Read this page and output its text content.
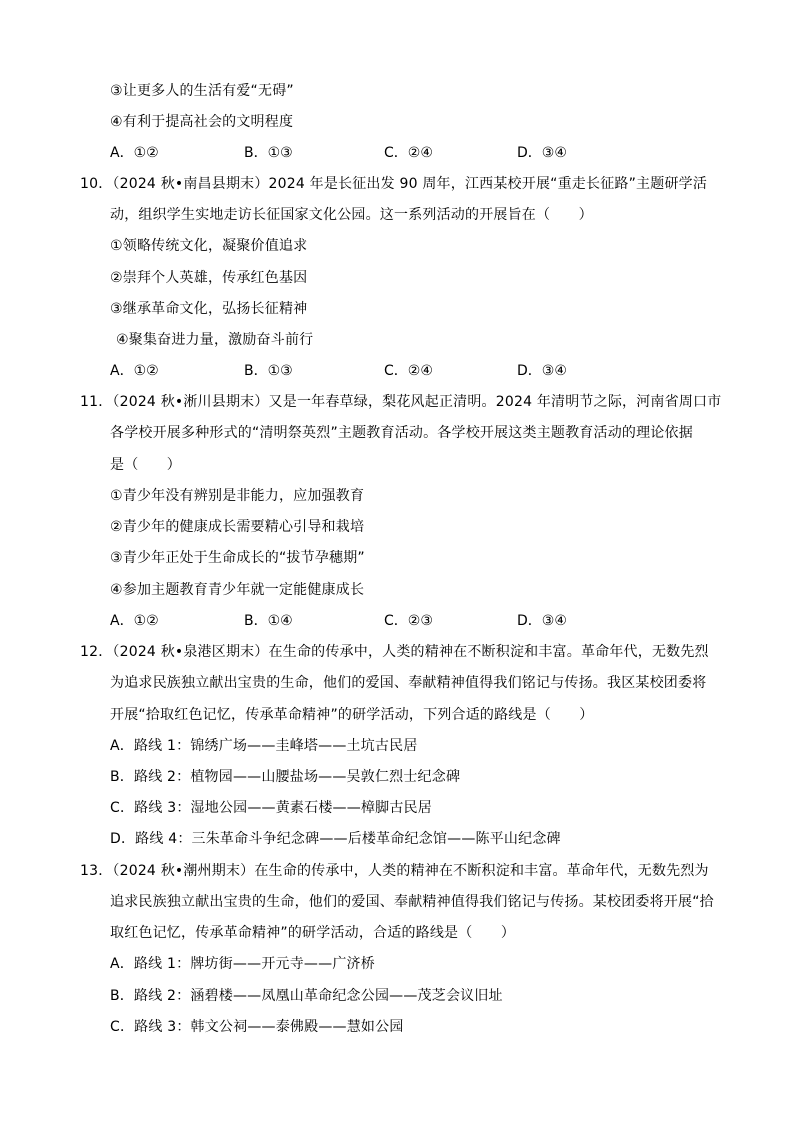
③让更多人的生活有爱“无碍”
④有利于提高社会的文明程度
A．①②	B．①③	C．②④	D．③④
10．（2024 秋•南昌县期末）2024 年是长征出发 90 周年，江西某校开展“重走长征路”主题研学活
动，组织学生实地走访长征国家文化公园。这一系列活动的开展旨在（　　）
①领略传统文化，凝聚价值追求
②崇拜个人英雄，传承红色基因
③继承革命文化，弘扬长征精神
④聚集奋进力量，激励奋斗前行
A．①②	B．①③	C．②④	D．③④
11．（2024 秋•淅川县期末）又是一年春草绿，梨花风起正清明。2024 年清明节之际，河南省周口市
各学校开展多种形式的“清明祭英烈”主题教育活动。各学校开展这类主题教育活动的理论依据
是（　　）
①青少年没有辨别是非能力，应加强教育
②青少年的健康成长需要精心引导和栽培
③青少年正处于生命成长的“拔节孕穗期”
④参加主题教育青少年就一定能健康成长
A．①②	B．①④	C．②③	D．③④
12．（2024 秋•泉港区期末）在生命的传承中，人类的精神在不断积淀和丰富。革命年代，无数先烈
为追求民族独立献出宝贵的生命，他们的爱国、奉献精神值得我们铭记与传扬。我区某校团委将
开展“拾取红色记忆，传承革命精神”的研学活动，下列合适的路线是（　　）
A．路线 1：锦绣广场——圭峰塔——土坑古民居
B．路线 2：植物园——山腰盐场——吴敦仁烈士纪念碑
C．路线 3：湿地公园——黄素石楼——樟脚古民居
D．路线 4：三朱革命斗争纪念碑——后楼革命纪念馆——陈平山纪念碑
13．（2024 秋•潮州期末）在生命的传承中，人类的精神在不断积淀和丰富。革命年代，无数先烈为
追求民族独立献出宝贵的生命，他们的爱国、奉献精神值得我们铭记与传扬。某校团委将开展“拾
取红色记忆，传承革命精神”的研学活动，合适的路线是（　　）
A．路线 1：牌坊街——开元寺——广济桥
B．路线 2：涵碧楼——凤凰山革命纪念公园——茂芝会议旧址
C．路线 3：韩文公祠——泰佛殿——慧如公园
